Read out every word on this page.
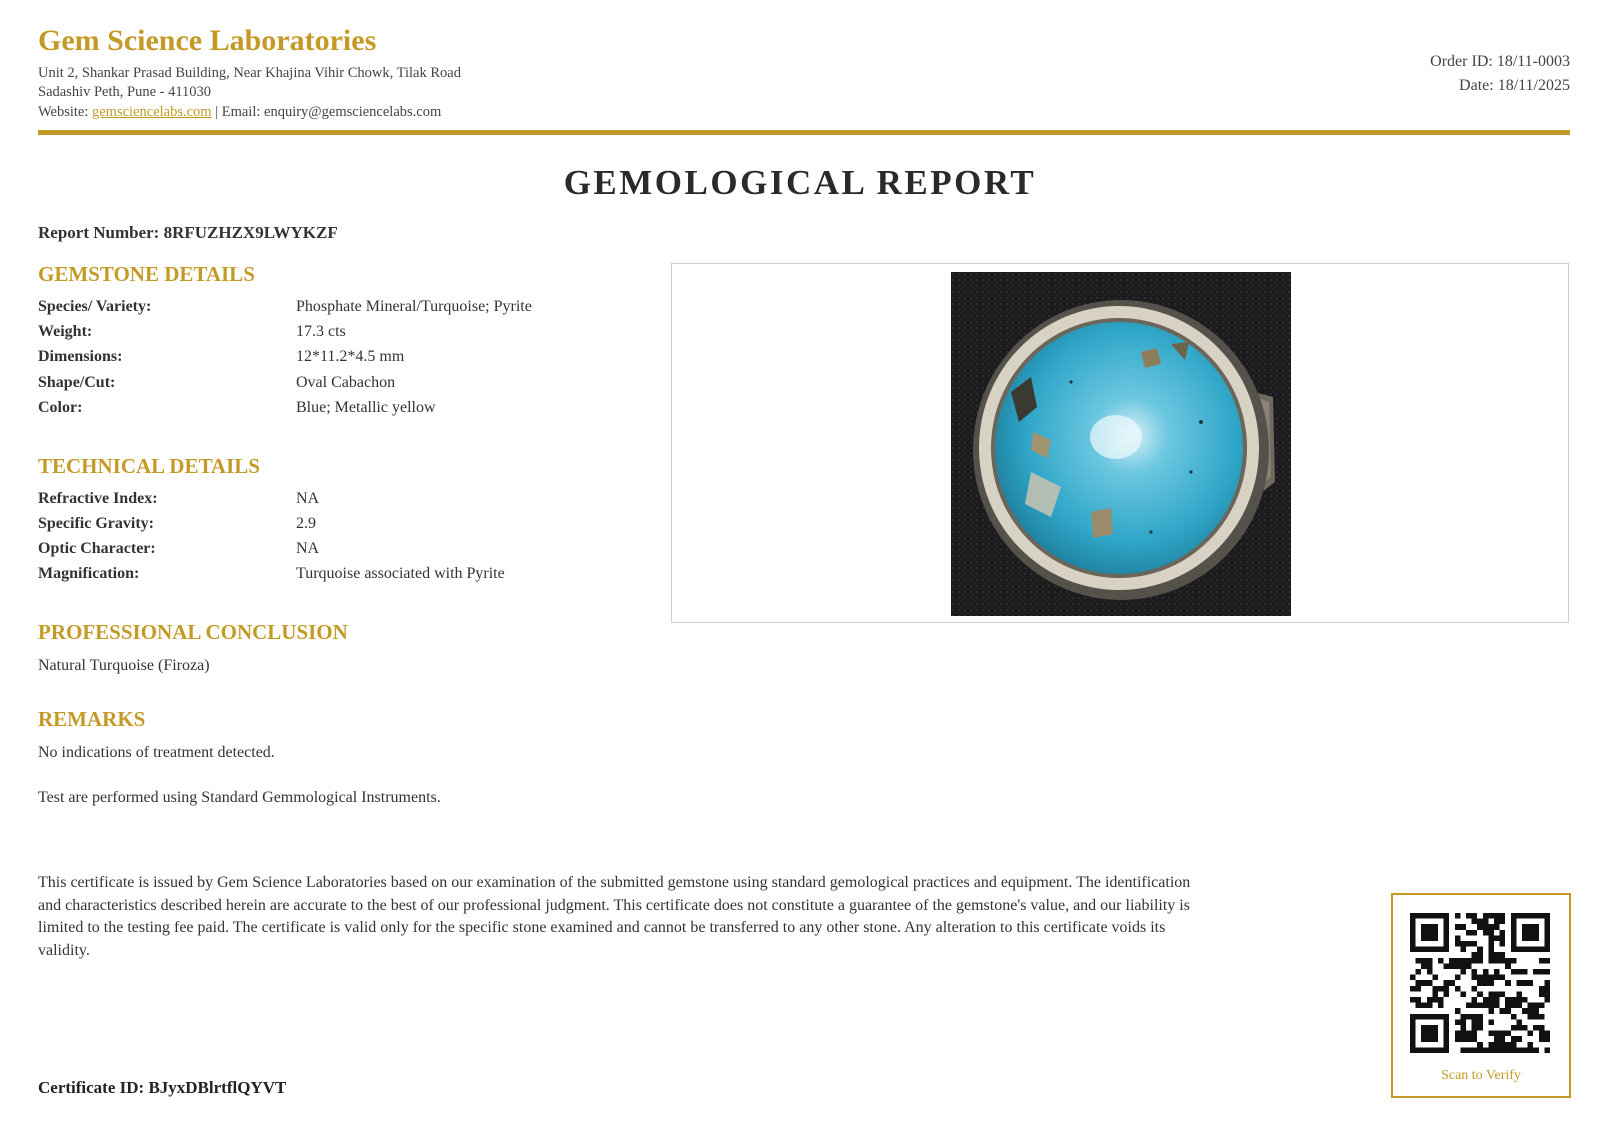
Gem Science Laboratories
Unit 2, Shankar Prasad Building, Near Khajina Vihir Chowk, Tilak Road
Sadashiv Peth, Pune - 411030
Website: gemsciencelabs.com | Email: enquiry@gemsciencelabs.com
Order ID: 18/11-0003
Date: 18/11/2025
GEMOLOGICAL REPORT
Report Number: 8RFUZHZX9LWYKZF
GEMSTONE DETAILS
Species/ Variety:	Phosphate Mineral/Turquoise; Pyrite
Weight:	17.3 cts
Dimensions:	12*11.2*4.5 mm
Shape/Cut:	Oval Cabachon
Color:	Blue; Metallic yellow
TECHNICAL DETAILS
Refractive Index:	NA
Specific Gravity:	2.9
Optic Character:	NA
Magnification:	Turquoise associated with Pyrite
PROFESSIONAL CONCLUSION
Natural Turquoise (Firoza)
REMARKS
No indications of treatment detected.
Test are performed using Standard Gemmological Instruments.
This certificate is issued by Gem Science Laboratories based on our examination of the submitted gemstone using standard gemological practices and equipment. The identification and characteristics described herein are accurate to the best of our professional judgment. This certificate does not constitute a guarantee of the gemstone's value, and our liability is limited to the testing fee paid. The certificate is valid only for the specific stone examined and cannot be transferred to any other stone. Any alteration to this certificate voids its validity.
Certificate ID: BJyxDBlrtflQYVT
Scan to Verify
